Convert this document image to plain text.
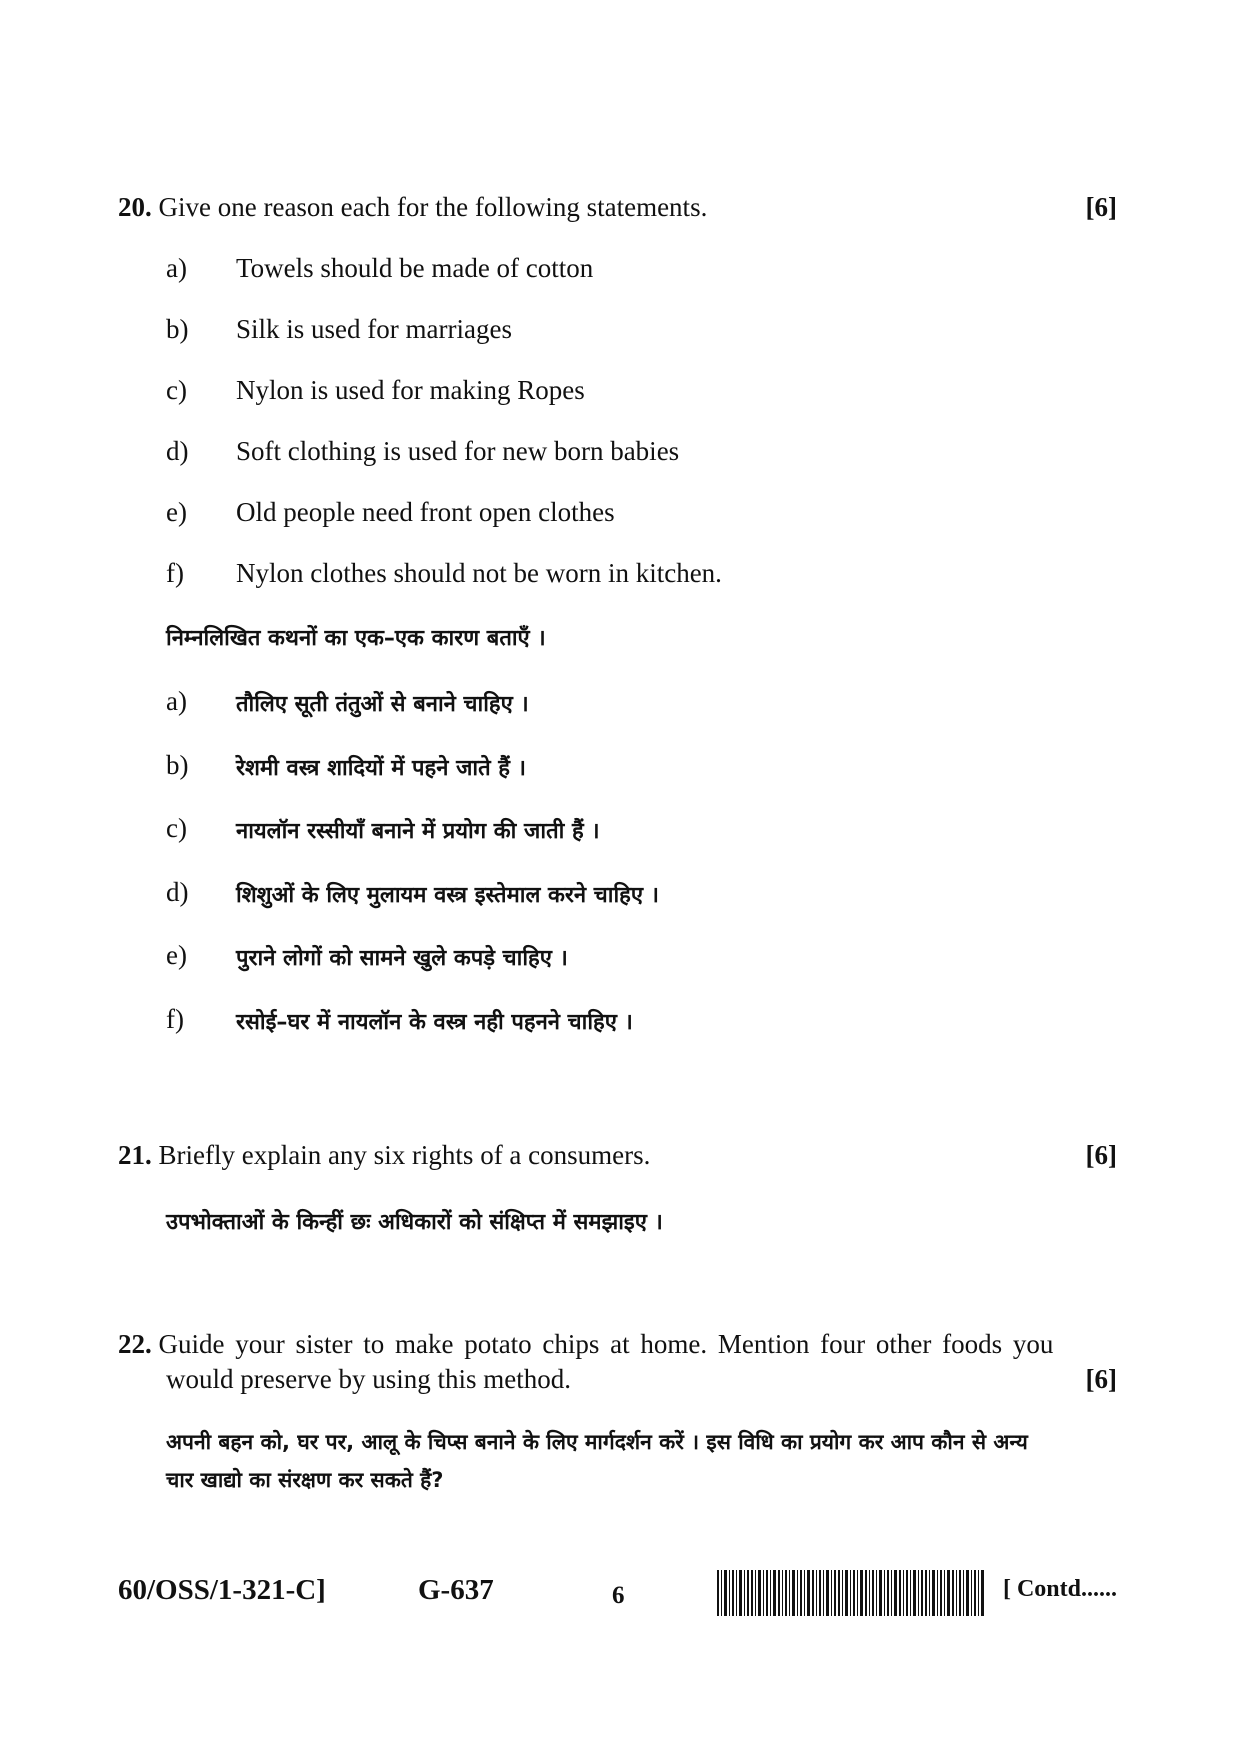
20. Give one reason each for the following statements.	[6]
a) Towels should be made of cotton
b) Silk is used for marriages
c) Nylon is used for making Ropes
d) Soft clothing is used for new born babies
e) Old people need front open clothes
f) Nylon clothes should not be worn in kitchen.
निम्नलिखित कथनों का एक–एक कारण बताएँ ।
a) तौलिए सूती तंतुओं से बनाने चाहिए ।
b) रेशमी वस्त्र शादियों में पहने जाते हैं ।
c) नायलॉन रस्सीयाँ बनाने में प्रयोग की जाती हैं ।
d) शिशुओं के लिए मुलायम वस्त्र इस्तेमाल करने चाहिए ।
e) पुराने लोगों को सामने खुले कपड़े चाहिए ।
f) रसोई–घर में नायलॉन के वस्त्र नही पहनने चाहिए ।
21. Briefly explain any six rights of a consumers.	[6]
उपभोक्ताओं के किन्हीं छः अधिकारों को संक्षिप्त में समझाइए ।
22. Guide your sister to make potato chips at home. Mention four other foods you
would preserve by using this method.	[6]
अपनी बहन को, घर पर, आलू के चिप्स बनाने के लिए मार्गदर्शन करें । इस विधि का प्रयोग कर आप कौन से अन्य
चार खाद्यो का संरक्षण कर सकते हैं?
60/OSS/1-321-C]	G-637	6	[ Contd......
